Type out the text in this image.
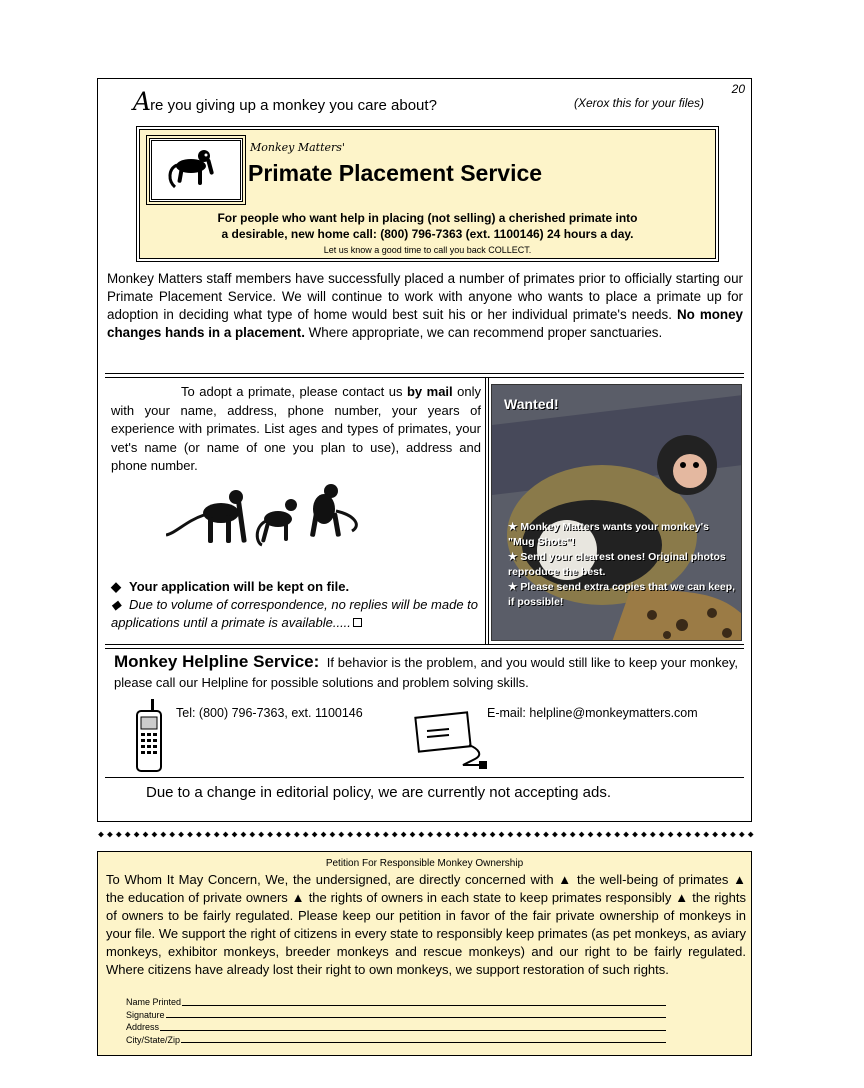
20
Are you giving up a monkey you care about?	(Xerox this for your files)
Monkey Matters'
Primate Placement Service
For people who want help in placing (not selling) a cherished primate into
a desirable, new home call: (800) 796-7363 (ext. 1100146) 24 hours a day.
Let us know a good time to call you back COLLECT.
Monkey Matters staff members have successfully placed a number of primates prior to officially starting our Primate Placement Service. We will continue to work with anyone who wants to place a primate up for adoption in deciding what type of home would best suit his or her individual primate's needs. No money changes hands in a placement. Where appropriate, we can recommend proper sanctuaries.
To adopt a primate, please contact us by mail only with your name, address, phone number, your years of experience with primates. List ages and types of primates, your vet's name (or name of one you plan to use), address and phone number.
◆ Your application will be kept on file.
◆ Due to volume of correspondence, no replies will be made to applications until a primate is available.....
Wanted!
★ Monkey Matters wants your monkey's "Mug Shots"!
★ Send your clearest ones! Original photos reproduce the best.
★ Please send extra copies that we can keep, if possible!
Monkey Helpline Service: If behavior is the problem, and you would still like to keep your monkey, please call our Helpline for possible solutions and problem solving skills.
Tel: (800) 796-7363, ext. 1100146	E-mail: helpline@monkeymatters.com
Due to a change in editorial policy, we are currently not accepting ads.
Petition For Responsible Monkey Ownership
To Whom It May Concern, We, the undersigned, are directly concerned with ▲ the well-being of primates ▲ the education of private owners ▲ the rights of owners in each state to keep primates responsibly ▲ the rights of owners to be fairly regulated. Please keep our petition in favor of the fair private ownership of monkeys in your file. We support the right of citizens in every state to responsibly keep primates (as pet monkeys, as aviary monkeys, exhibitor monkeys, breeder monkeys and rescue monkeys) and our right to be fairly regulated. Where citizens have already lost their right to own monkeys, we support restoration of such rights.
Name Printed
Signature
Address
City/State/Zip
